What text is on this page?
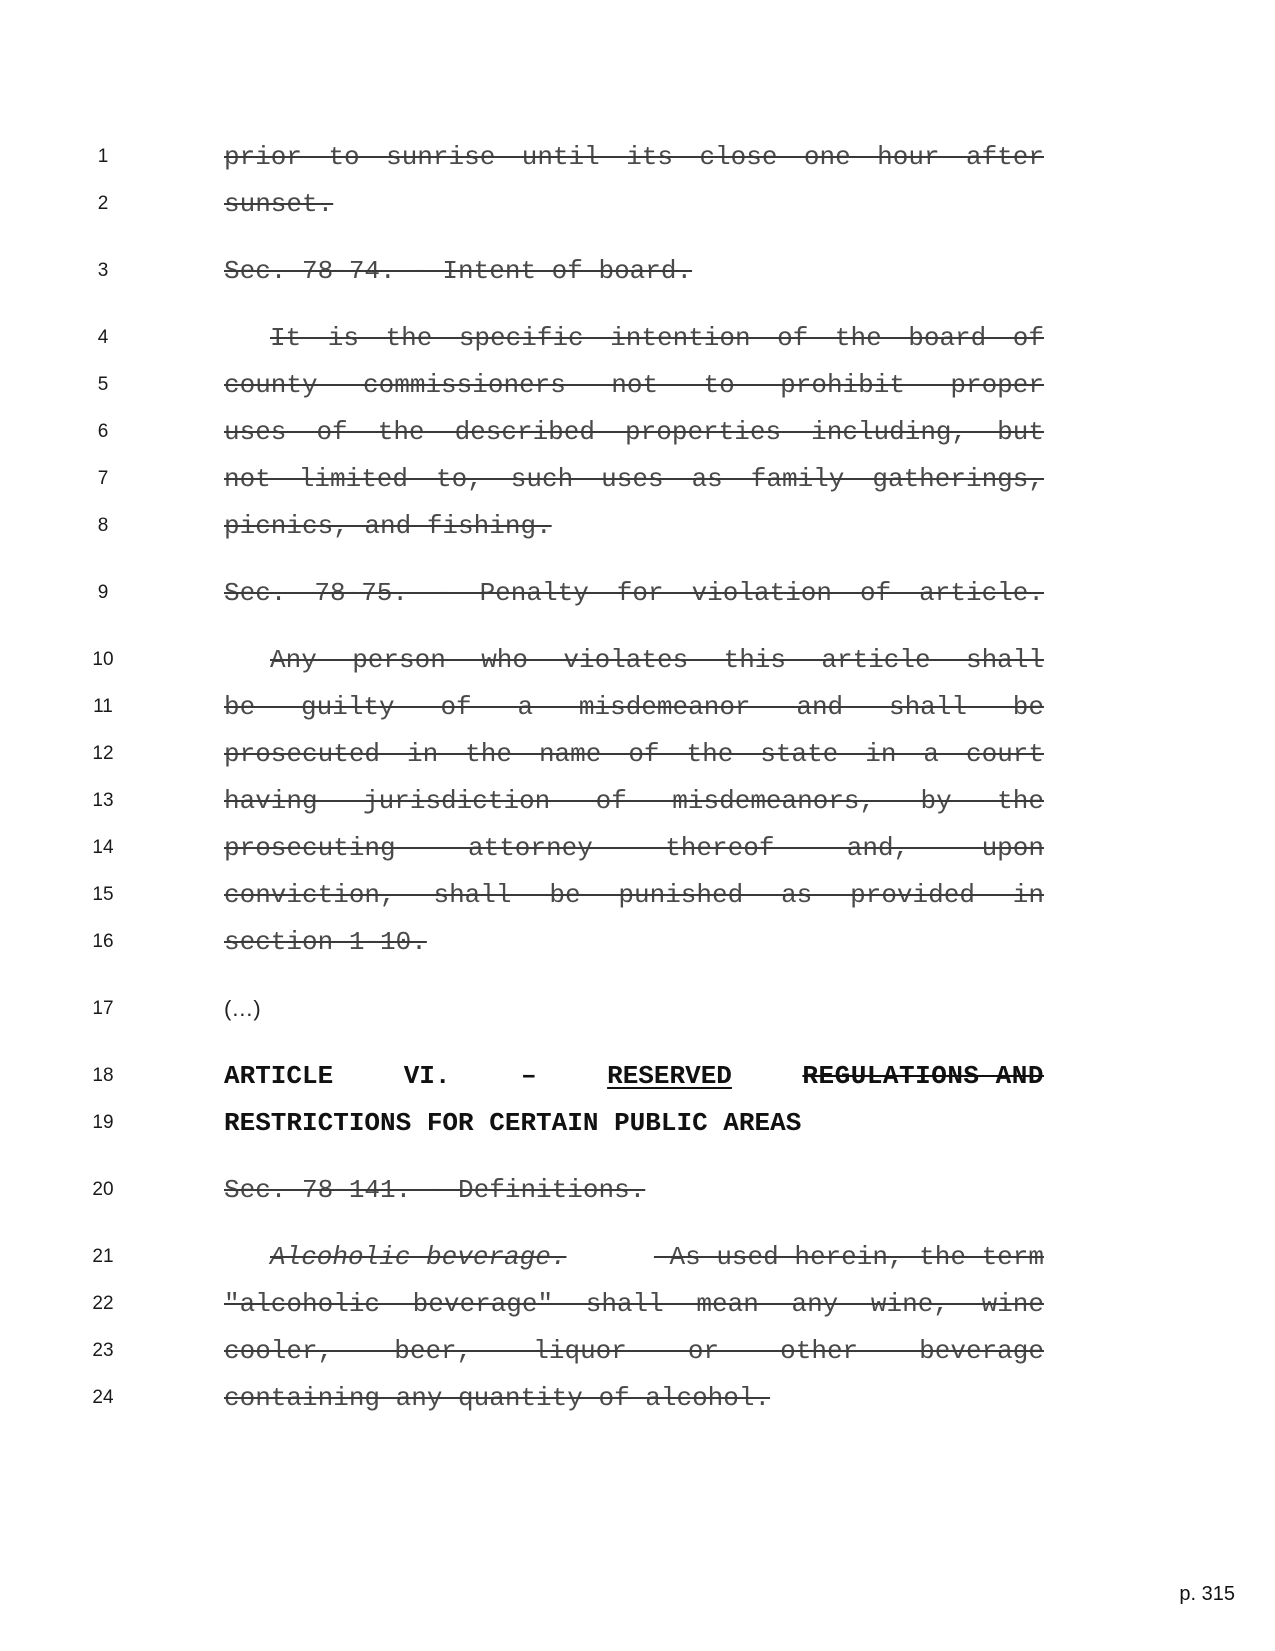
1	prior to sunrise until its close one hour after
2	sunset.
3	Sec. 78-74. - Intent of board.
4	It is the specific intention of the board of
5	county commissioners not to prohibit proper
6	uses of the described properties including, but
7	not limited to, such uses as family gatherings,
8	picnics, and fishing.
9	Sec. 78-75. - Penalty for violation of article.
10	Any person who violates this article shall
11	be guilty of a misdemeanor and shall be
12	prosecuted in the name of the state in a court
13	having jurisdiction of misdemeanors, by the
14	prosecuting attorney thereof and, upon
15	conviction, shall be punished as provided in
16	section 1-10.
17	(…)
18	ARTICLE	VI.	–	RESERVED	REGULATIONS AND
19	RESTRICTIONS FOR CERTAIN PUBLIC AREAS
20	Sec. 78-141. - Definitions.
21	Alcoholic beverage.	As used herein, the term
22	"alcoholic beverage" shall mean any wine, wine
23	cooler, beer, liquor or other beverage
24	containing any quantity of alcohol.
p. 315
